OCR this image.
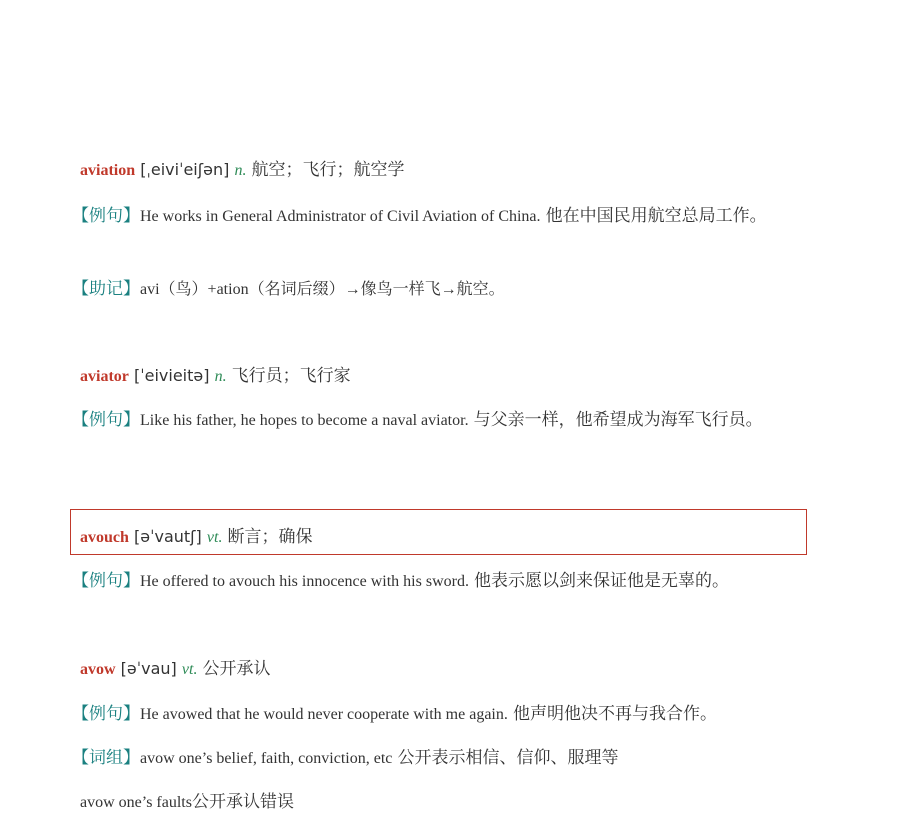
aviation [ˌeiviˈeiʃən] n. 航空；飞行；航空学
【例句】He works in General Administrator of Civil Aviation of China. 他在中国民用航空总局工作。
【助记】avi（鸟）+ation（名词后缀）→像鸟一样飞→航空。
aviator [ˈeivieitə] n. 飞行员；飞行家
【例句】Like his father, he hopes to become a naval aviator. 与父亲一样，他希望成为海军飞行员。
avouch [əˈvautʃ] vt. 断言；确保
【例句】He offered to avouch his innocence with his sword. 他表示愿以剑来保证他是无辜的。
avow [əˈvau] vt. 公开承认
【例句】He avowed that he would never cooperate with me again. 他声明他决不再与我合作。
【词组】avow one’s belief, faith, conviction, etc 公开表示相信、信仰、服理等
avow one’s faults公开承认错误
